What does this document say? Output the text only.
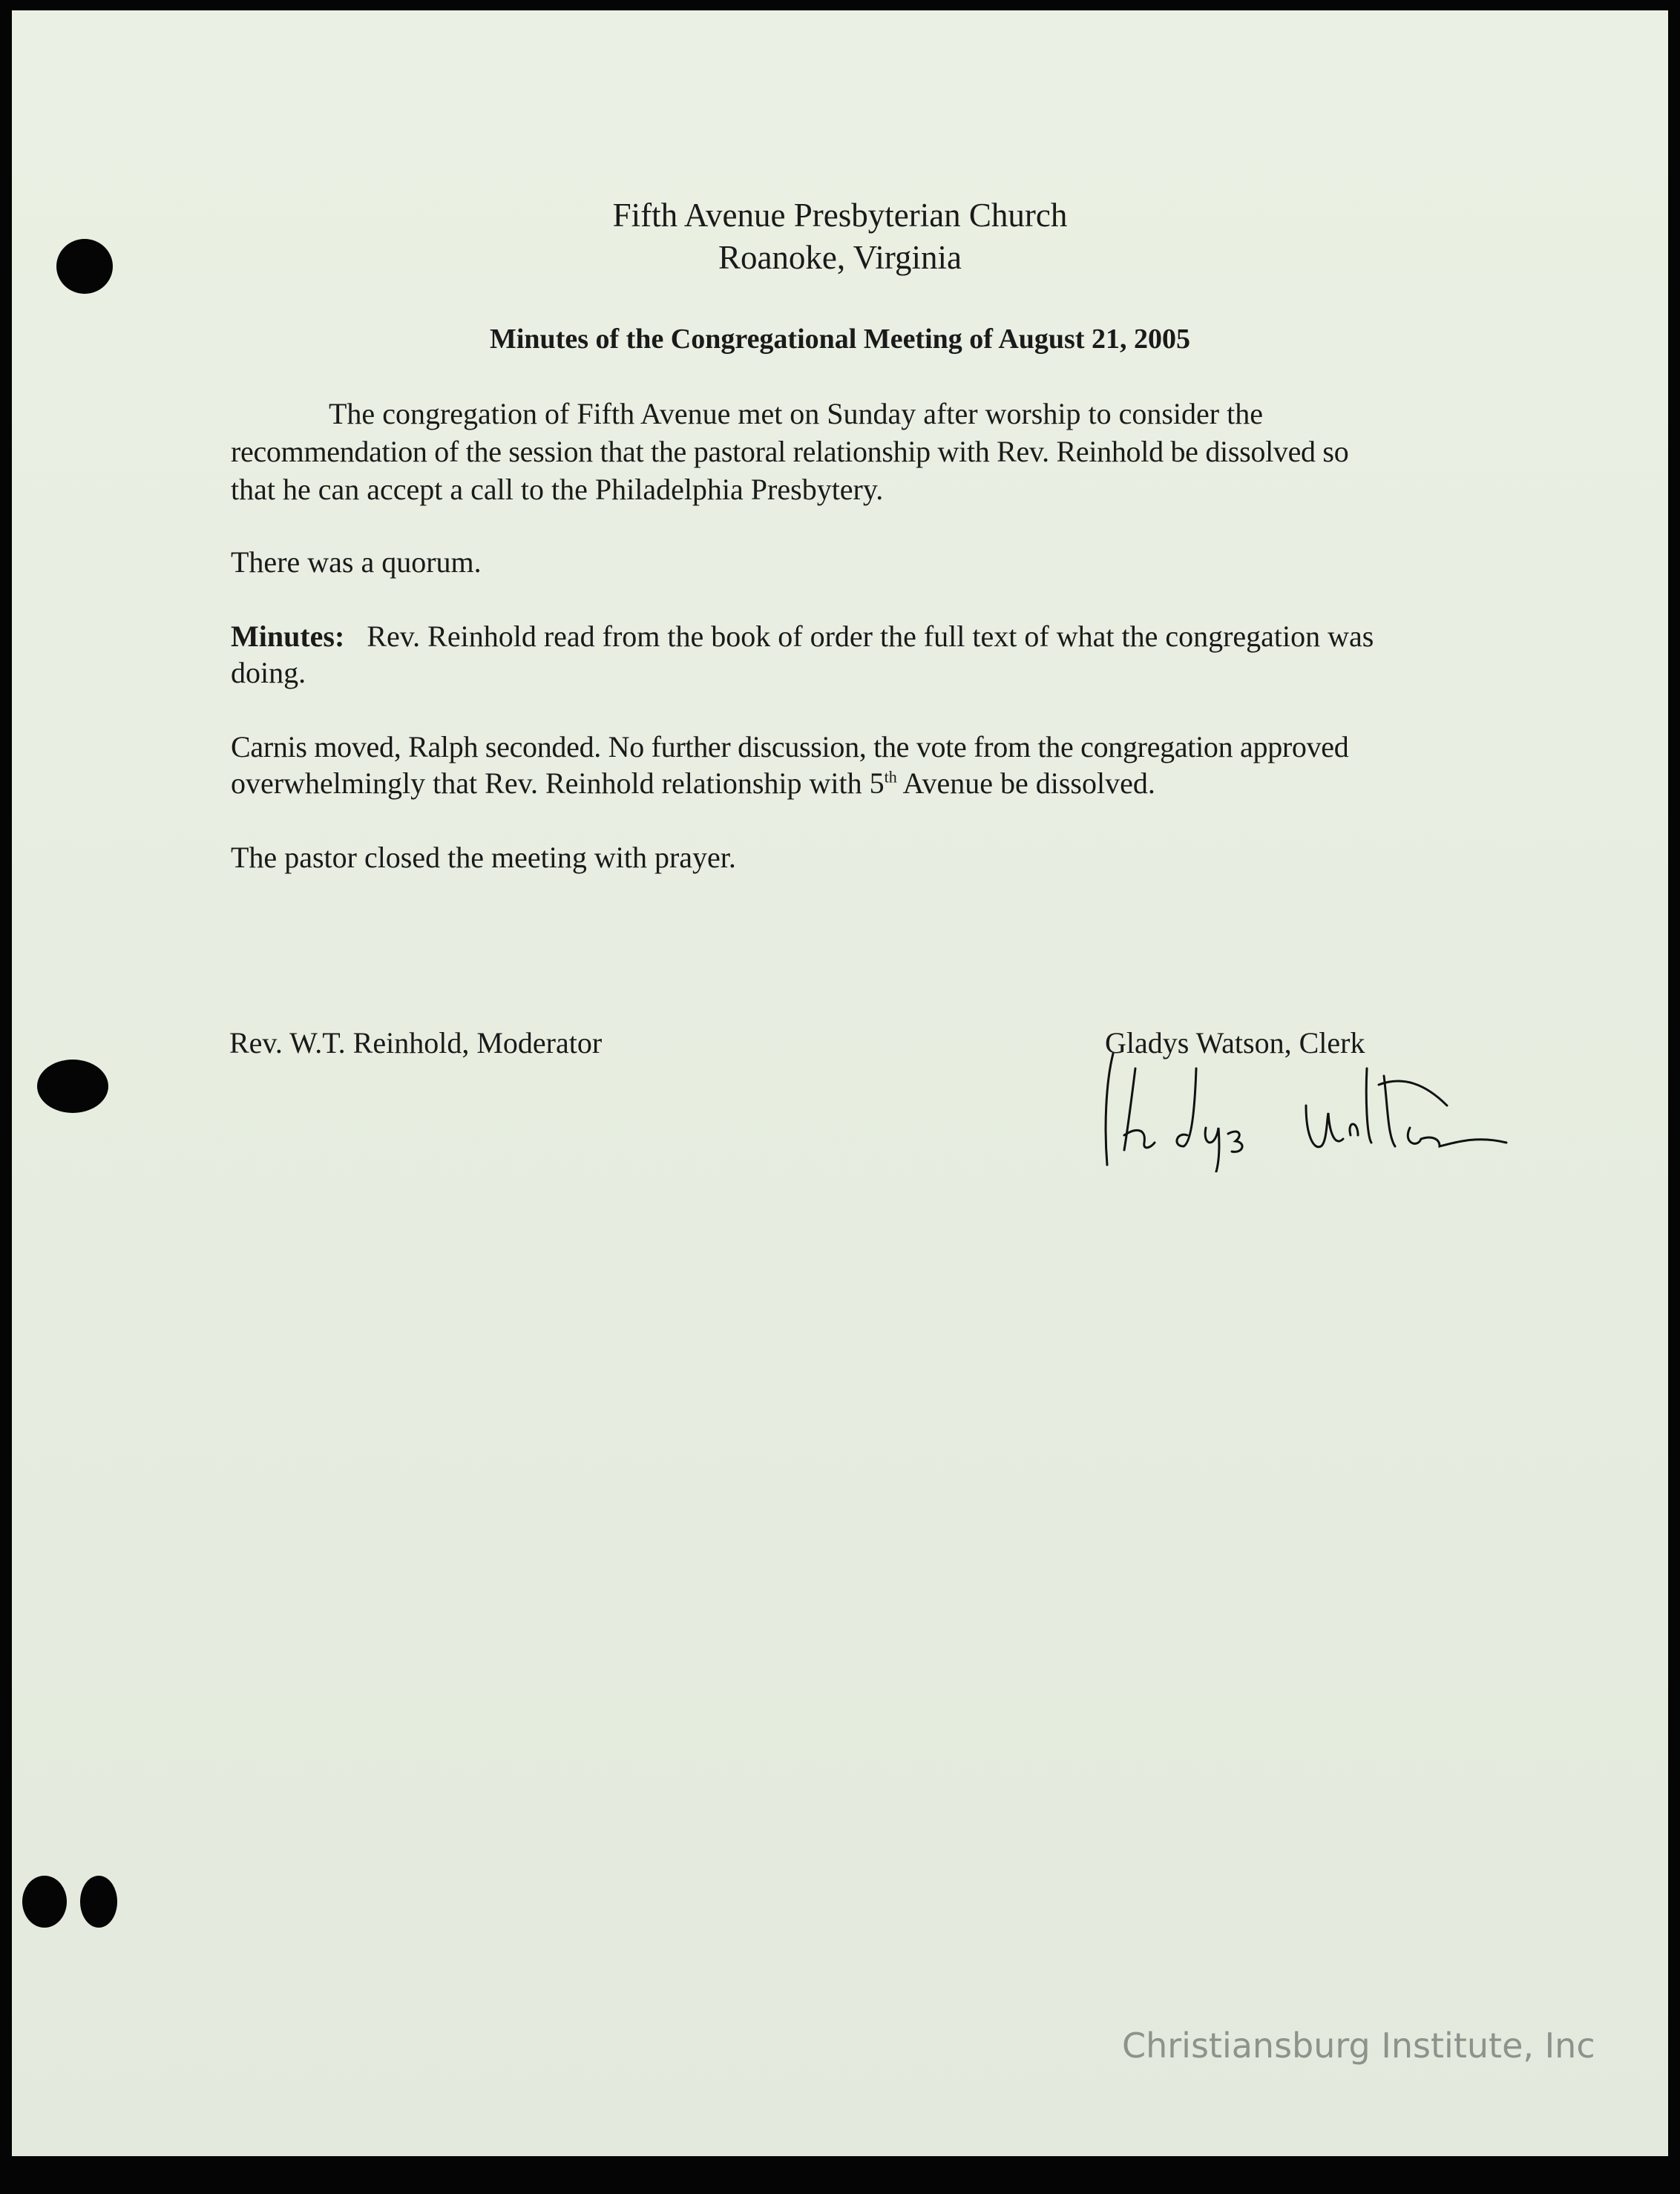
Fifth Avenue Presbyterian Church
Roanoke, Virginia
Minutes of the Congregational Meeting of August 21, 2005
The congregation of Fifth Avenue met on Sunday after worship to consider the
recommendation of the session that the pastoral relationship with Rev. Reinhold be dissolved so
that he can accept a call to the Philadelphia Presbytery.
There was a quorum.
Minutes: Rev. Reinhold read from the book of order the full text of what the congregation was
doing.
Carnis moved, Ralph seconded. No further discussion, the vote from the congregation approved
overwhelmingly that Rev. Reinhold relationship with 5th Avenue be dissolved.
The pastor closed the meeting with prayer.
Rev. W.T. Reinhold, Moderator	Gladys Watson, Clerk
Christiansburg Institute, Inc
